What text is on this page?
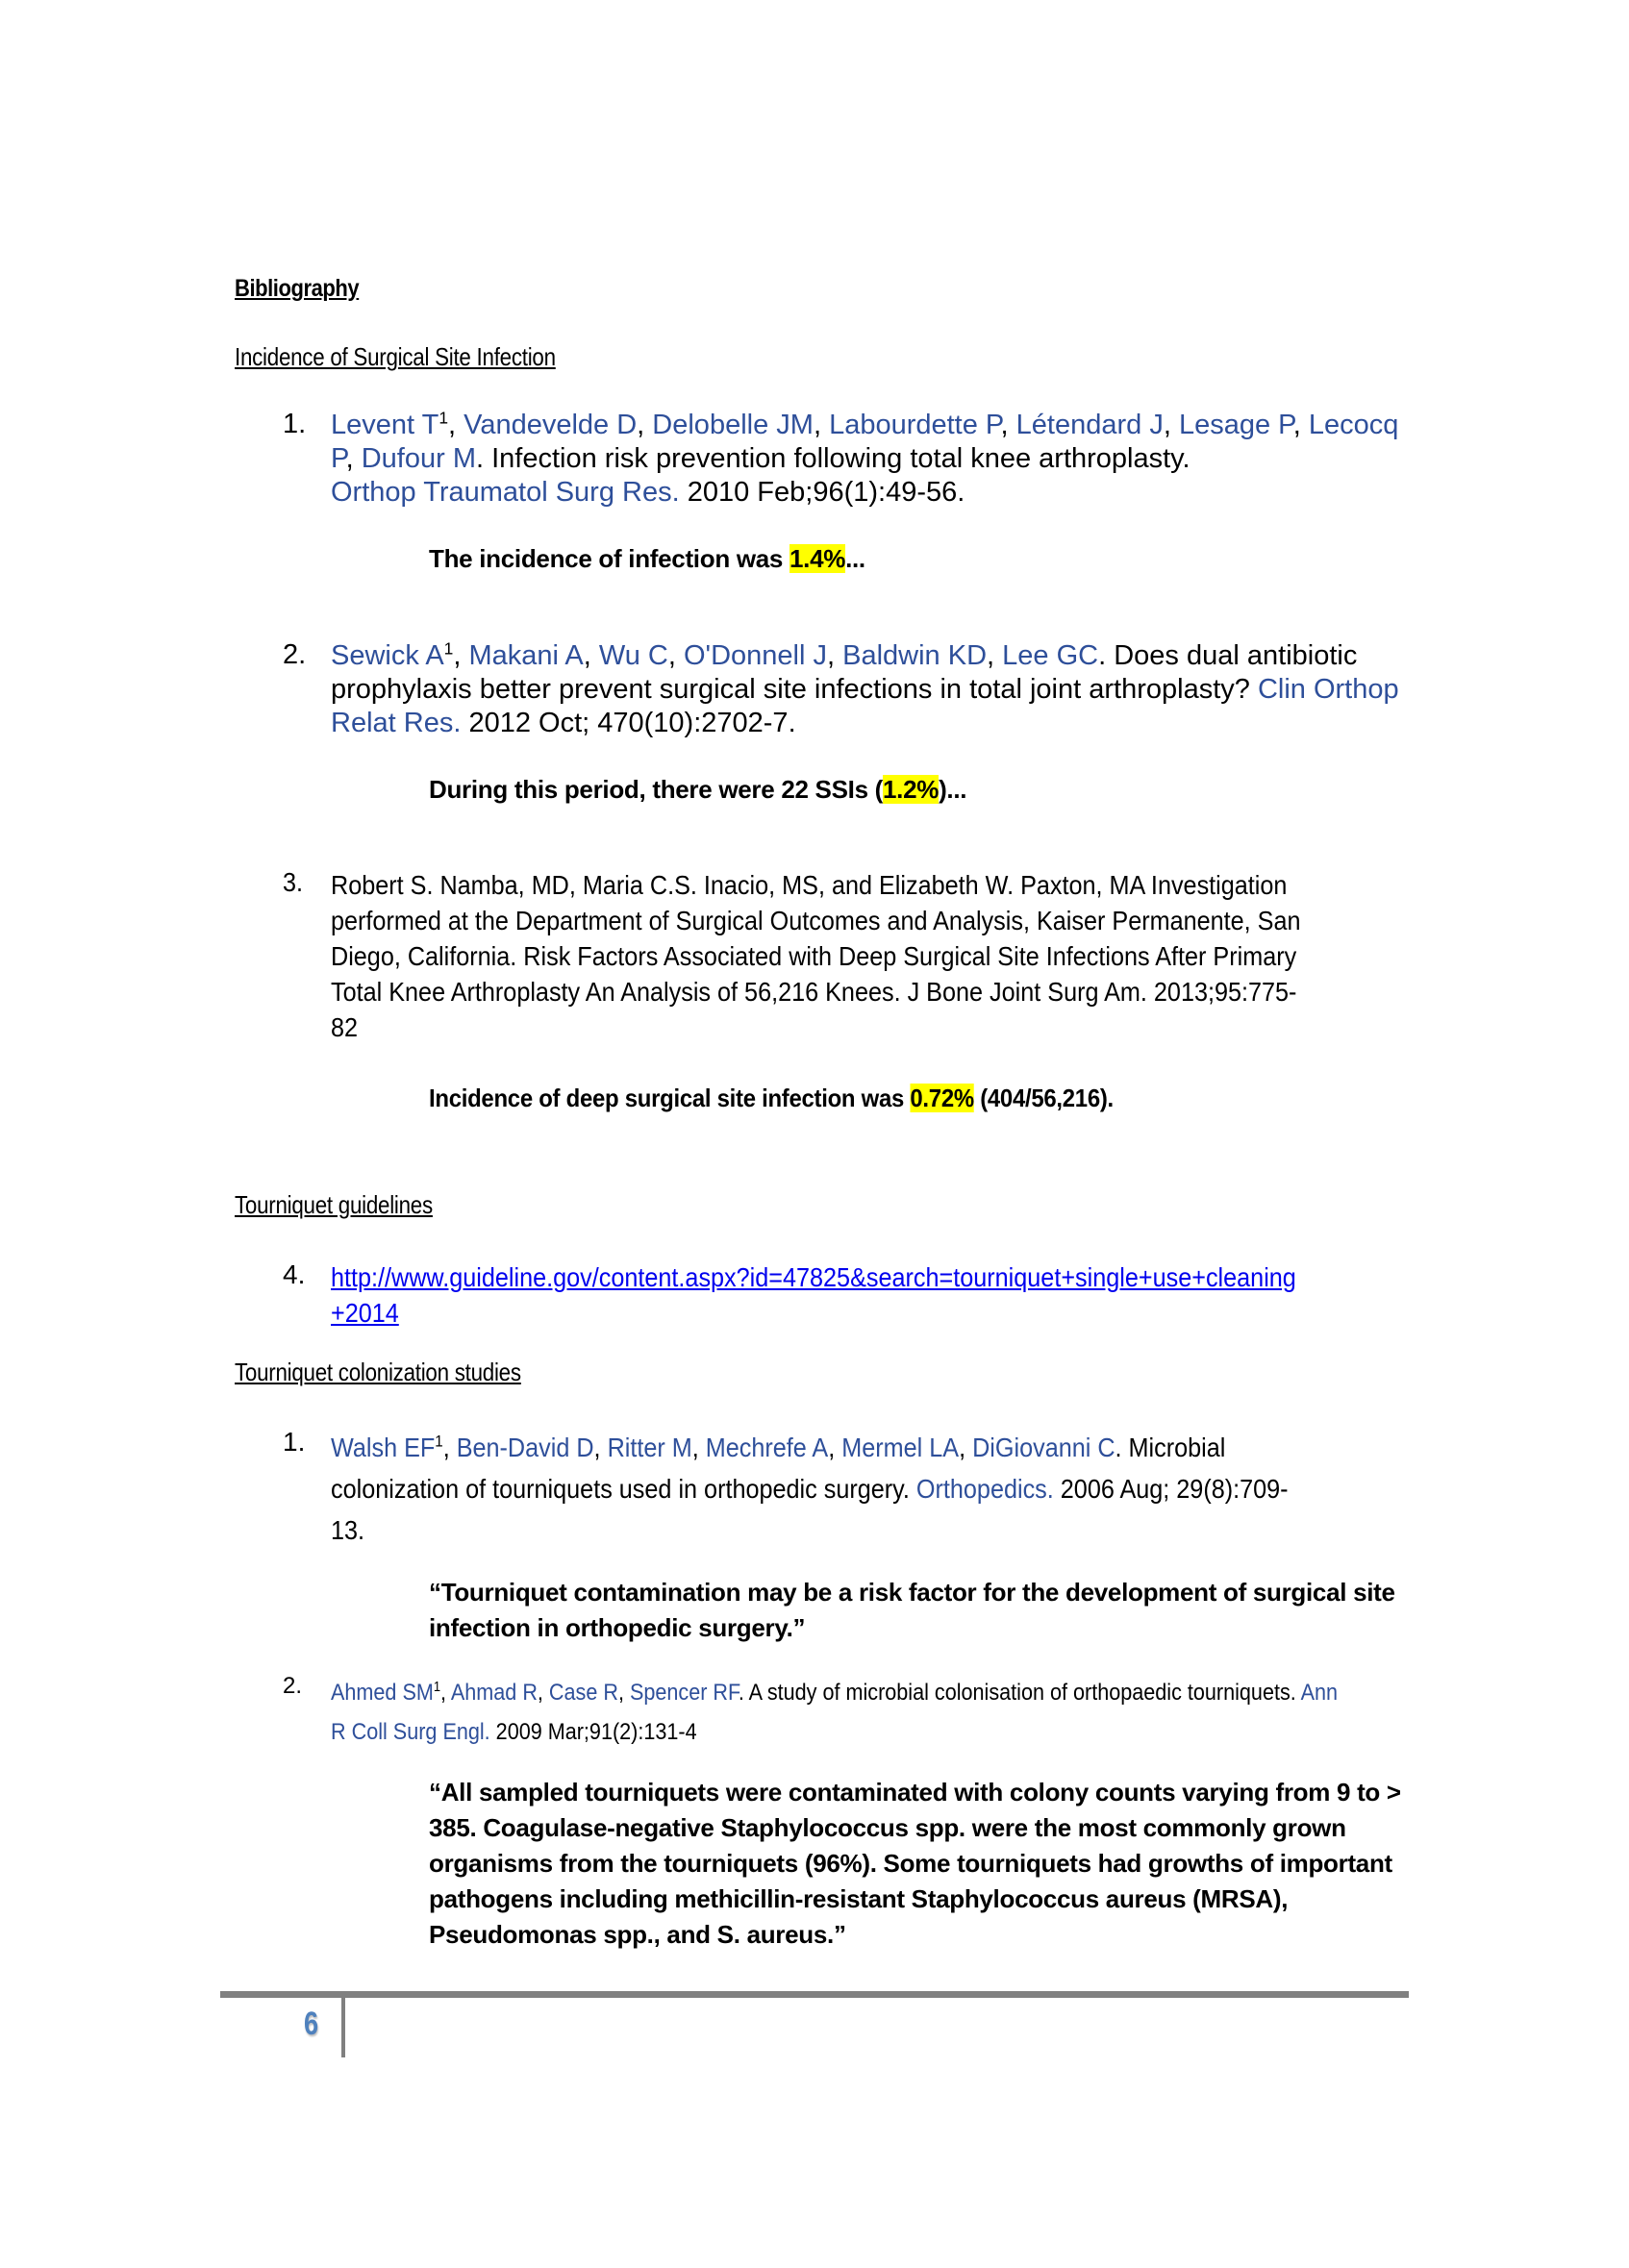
Bibliography
Incidence of Surgical Site Infection
1. Levent $T^1$, Vandevelde D, Delobelle JM, Labourdette P, Létendard J, Lesage P, Lecocq P, Dufour M. Infection risk prevention following total knee arthroplasty.
Orthop Traumatol Surg Res. 2010 Feb;96(1):49-56.
The incidence of infection was 1.4%...
2. Sewick $A^1$, Makani A, Wu C, O'Donnell J, Baldwin KD, Lee GC. Does dual antibiotic prophylaxis better prevent surgical site infections in total joint arthroplasty? Clin Orthop Relat Res. 2012 Oct; 470(10):2702-7.
During this period, there were 22 SSIs (1.2%)...
3. Robert S. Namba, MD, Maria C.S. Inacio, MS, and Elizabeth W. Paxton, MA Investigation performed at the Department of Surgical Outcomes and Analysis, Kaiser Permanente, San Diego, California. Risk Factors Associated with Deep Surgical Site Infections After Primary Total Knee Arthroplasty An Analysis of 56,216 Knees. J Bone Joint Surg Am. 2013;95:775-82
Incidence of deep surgical site infection was 0.72% (404/56,216).
Tourniquet guidelines
4. http://www.guideline.gov/content.aspx?id=47825&search=tourniquet+single+use+cleaning+2014
Tourniquet colonization studies
1. Walsh $EF^1$, Ben-David D, Ritter M, Mechrefe A, Mermel LA, DiGiovanni C. Microbial colonization of tourniquets used in orthopedic surgery. Orthopedics. 2006 Aug; 29(8):709-13.
“Tourniquet contamination may be a risk factor for the development of surgical site infection in orthopedic surgery.”
2. Ahmed $SM^1$, Ahmad R, Case R, Spencer RF. A study of microbial colonisation of orthopaedic tourniquets. Ann R Coll Surg Engl. 2009 Mar;91(2):131-4
“All sampled tourniquets were contaminated with colony counts varying from 9 to > 385. Coagulase-negative Staphylococcus spp. were the most commonly grown organisms from the tourniquets (96%). Some tourniquets had growths of important pathogens including methicillin-resistant Staphylococcus aureus (MRSA), Pseudomonas spp., and S. aureus.”
6
